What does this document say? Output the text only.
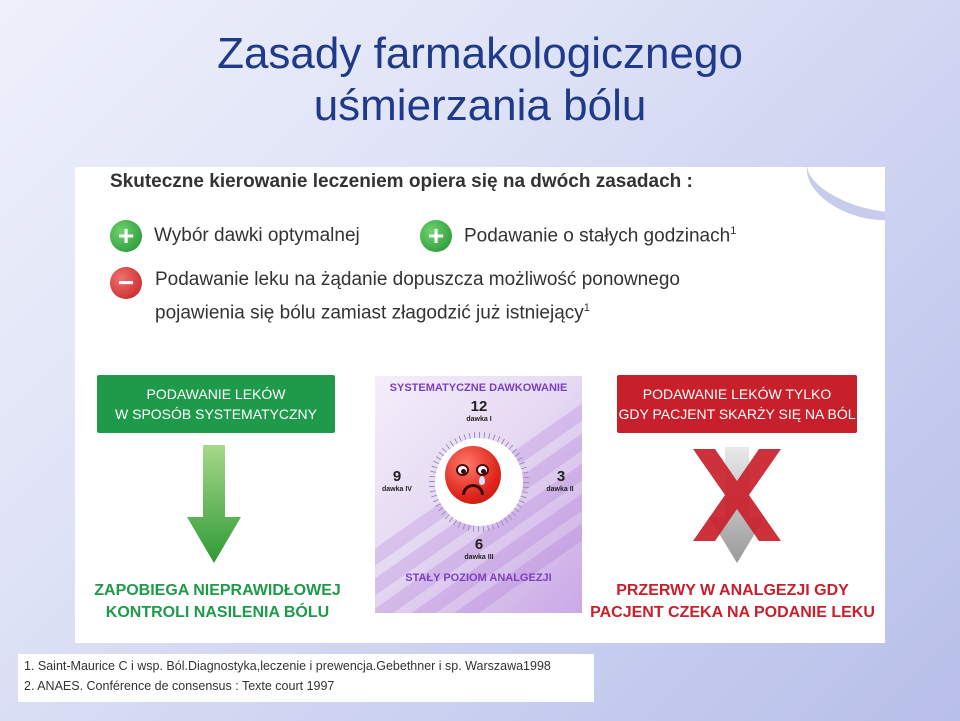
Zasady farmakologicznego
uśmierzania bólu
Skuteczne kierowanie leczeniem opiera się na dwóch zasadach :
+	Wybór dawki optymalnej +	Podawanie o stałych godzinach$^1$
−	Podawanie leku na żądanie dopuszcza możliwość ponownego
pojawienia się bólu zamiast złagodzić już istniejący$^1$
PODAWANIE LEKÓW
W SPOSÓB SYSTEMATYCZNY
ZAPOBIEGA NIEPRAWIDŁOWEJ
KONTROLI NASILENIA BÓLU
SYSTEMATYCZNE DAWKOWANIE
12
dawka I
9
dawka IV
3
dawka II
6
dawka III
STAŁY POZIOM ANALGEZJI
PODAWANIE LEKÓW TYLKO
GDY PACJENT SKARŻY SIĘ NA BÓL
PRZERWY W ANALGEZJI GDY
PACJENT CZEKA NA PODANIE LEKU
1. Saint-Maurice C i wsp. Ból.Diagnostyka,leczenie i prewencja.Gebethner i sp. Warszawa1998
2. ANAES. Conférence de consensus : Texte court 1997
